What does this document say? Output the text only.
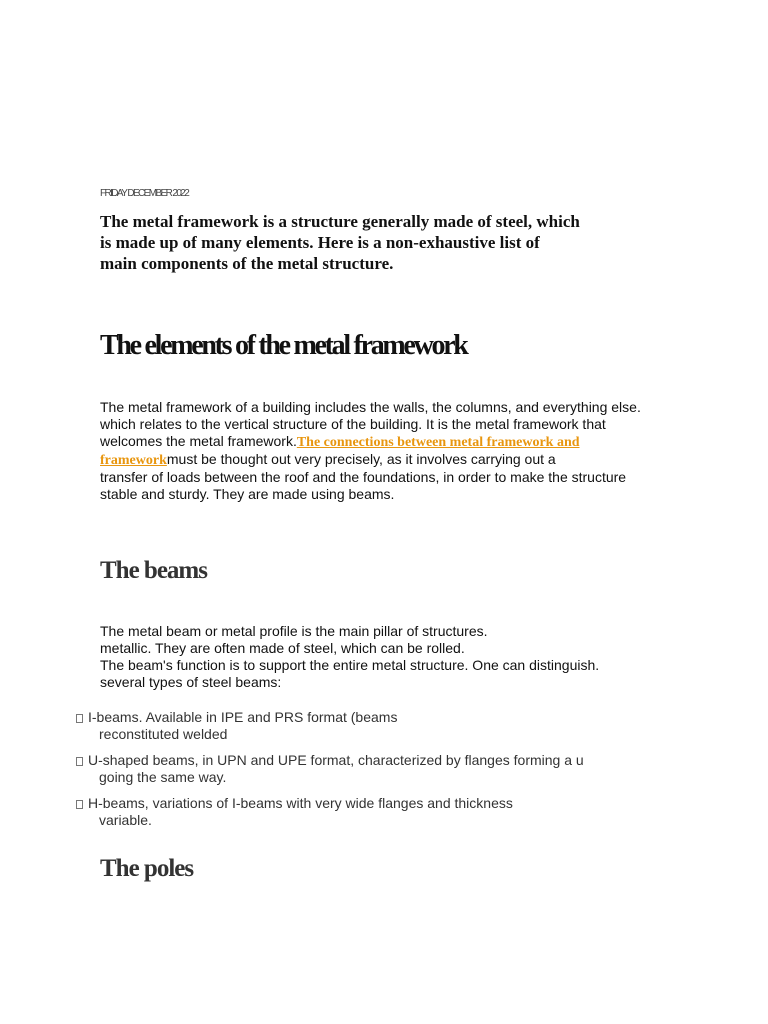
FRIDAY DECEMBER 2022
The metal framework is a structure generally made of steel, which
is made up of many elements. Here is a non-exhaustive list of
main components of the metal structure.
The elements of the metal framework
The metal framework of a building includes the walls, the columns, and everything else.
which relates to the vertical structure of the building. It is the metal framework that
welcomes the metal framework.The connections between metal framework and
frameworkmust be thought out very precisely, as it involves carrying out a
transfer of loads between the roof and the foundations, in order to make the structure
stable and sturdy. They are made using beams.
The beams
The metal beam or metal profile is the main pillar of structures.
metallic. They are often made of steel, which can be rolled.
The beam's function is to support the entire metal structure. One can distinguish.
several types of steel beams:
I-beams. Available in IPE and PRS format (beams
reconstituted welded
U-shaped beams, in UPN and UPE format, characterized by flanges forming a u
going the same way.
H-beams, variations of I-beams with very wide flanges and thickness
variable.
The poles
